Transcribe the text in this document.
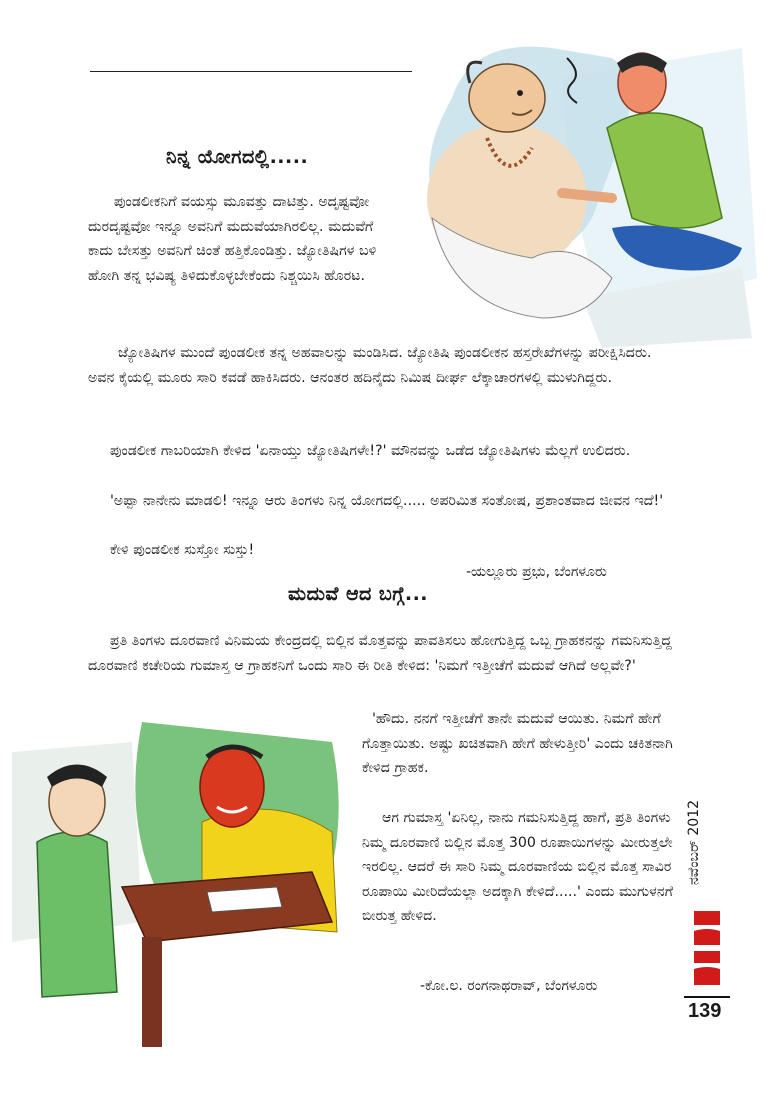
ನಿನ್ನ ಯೋಗದಲ್ಲಿ.....

ಪುಂಡಲೀಕನಿಗೆ ವಯಸ್ಸು ಮೂವತ್ತು ದಾಟಿತ್ತು. ಅದೃಷ್ಟವೋ ದುರದೃಷ್ಟವೋ ಇನ್ನೂ ಅವನಿಗೆ ಮದುವೆಯಾಗಿರಲಿಲ್ಲ. ಮದುವೆಗೆ ಕಾದು ಬೇಸತ್ತು ಅವನಿಗೆ ಚಿಂತೆ ಹತ್ತಿಕೊಂಡಿತ್ತು. ಜ್ಯೋತಿಷಿಗಳ ಬಳಿ ಹೋಗಿ ತನ್ನ ಭವಿಷ್ಯ ತಿಳಿದುಕೊಳ್ಳಬೇಕೆಂದು ನಿಶ್ಚಯಿಸಿ ಹೊರಟ.

ಜ್ಯೋತಿಷಿಗಳ ಮುಂದೆ ಪುಂಡಲೀಕ ತನ್ನ ಅಹವಾಲನ್ನು ಮಂಡಿಸಿದ. ಜ್ಯೋತಿಷಿ ಪುಂಡಲೀಕನ ಹಸ್ತರೇಖೆಗಳನ್ನು ಪರೀಕ್ಷಿಸಿದರು. ಅವನ ಕೈಯಲ್ಲಿ ಮೂರು ಸಾರಿ ಕವಡೆ ಹಾಕಿಸಿದರು. ಆನಂತರ ಹದಿನೈದು ನಿಮಿಷ ದೀರ್ಘ ಲೆಕ್ಕಾಚಾರಗಳಲ್ಲಿ ಮುಳುಗಿದ್ದರು.

ಪುಂಡಲೀಕ ಗಾಬರಿಯಾಗಿ ಕೇಳಿದ 'ಏನಾಯ್ತು ಜ್ಯೋತಿಷಿಗಳೇ!?' ಮೌನವನ್ನು ಒಡೆದ ಜ್ಯೋತಿಷಿಗಳು ಮೆಲ್ಲಗೆ ಉಲಿದರು.

'ಅಪ್ಪಾ ನಾನೇನು ಮಾಡಲಿ! ಇನ್ನೂ ಆರು ತಿಂಗಳು ನಿನ್ನ ಯೋಗದಲ್ಲಿ..... ಅಪರಿಮಿತ ಸಂತೋಷ, ಪ್ರಶಾಂತವಾದ ಜೀವನ ಇದೆ!'

ಕೇಳಿ ಪುಂಡಲೀಕ ಸುಸ್ತೋ ಸುಸ್ತು!

-ಯಲ್ಲೂರು ಪ್ರಭು, ಬೆಂಗಳೂರು
ಮದುವೆ ಆದ ಬಗ್ಗೆ...

ಪ್ರತಿ ತಿಂಗಳು ದೂರವಾಣಿ ವಿನಿಮಯ ಕೇಂದ್ರದಲ್ಲಿ ಬಿಲ್ಲಿನ ಮೊತ್ತವನ್ನು ಪಾವತಿಸಲು ಹೋಗುತ್ತಿದ್ದ ಒಬ್ಬ ಗ್ರಾಹಕನನ್ನು ಗಮನಿಸುತ್ತಿದ್ದ ದೂರವಾಣಿ ಕಚೇರಿಯ ಗುಮಾಸ್ತ ಆ ಗ್ರಾಹಕನಿಗೆ ಒಂದು ಸಾರಿ ಈ ರೀತಿ ಕೇಳಿದ: 'ನಿಮಗೆ ಇತ್ತೀಚೆಗೆ ಮದುವೆ ಆಗಿದೆ ಅಲ್ಲವೇ?'

'ಹೌದು. ನನಗೆ ಇತ್ತೀಚೆಗೆ ತಾನೇ ಮದುವೆ ಆಯಿತು. ನಿಮಗೆ ಹೇಗೆ ಗೊತ್ತಾಯಿತು. ಅಷ್ಟು ಖಚಿತವಾಗಿ ಹೇಗೆ ಹೇಳುತ್ತೀರಿ' ಎಂದು ಚಕಿತನಾಗಿ ಕೇಳಿದ ಗ್ರಾಹಕ.

ಆಗ ಗುಮಾಸ್ತ 'ಏನಿಲ್ಲ, ನಾನು ಗಮನಿಸುತ್ತಿದ್ದ ಹಾಗೆ, ಪ್ರತಿ ತಿಂಗಳು ನಿಮ್ಮ ದೂರವಾಣಿ ಬಿಲ್ಲಿನ ಮೊತ್ತ 300 ರೂಪಾಯಿಗಳನ್ನು ಮೀರುತ್ತಲೇ ಇರಲಿಲ್ಲ. ಆದರೆ ಈ ಸಾರಿ ನಿಮ್ಮ ದೂರವಾಣಿಯ ಬಿಲ್ಲಿನ ಮೊತ್ತ ಸಾವಿರ ರೂಪಾಯಿ ಮೀರಿದೆಯಲ್ಲಾ ಅದಕ್ಕಾಗಿ ಕೇಳಿದೆ.....' ಎಂದು ಮುಗುಳನಗೆ ಬೀರುತ್ತ ಹೇಳಿದ.

-ಕೋ.ಲ. ರಂಗನಾಥರಾವ್, ಬೆಂಗಳೂರು
ನವೆಂಬರ್ 2012
139
